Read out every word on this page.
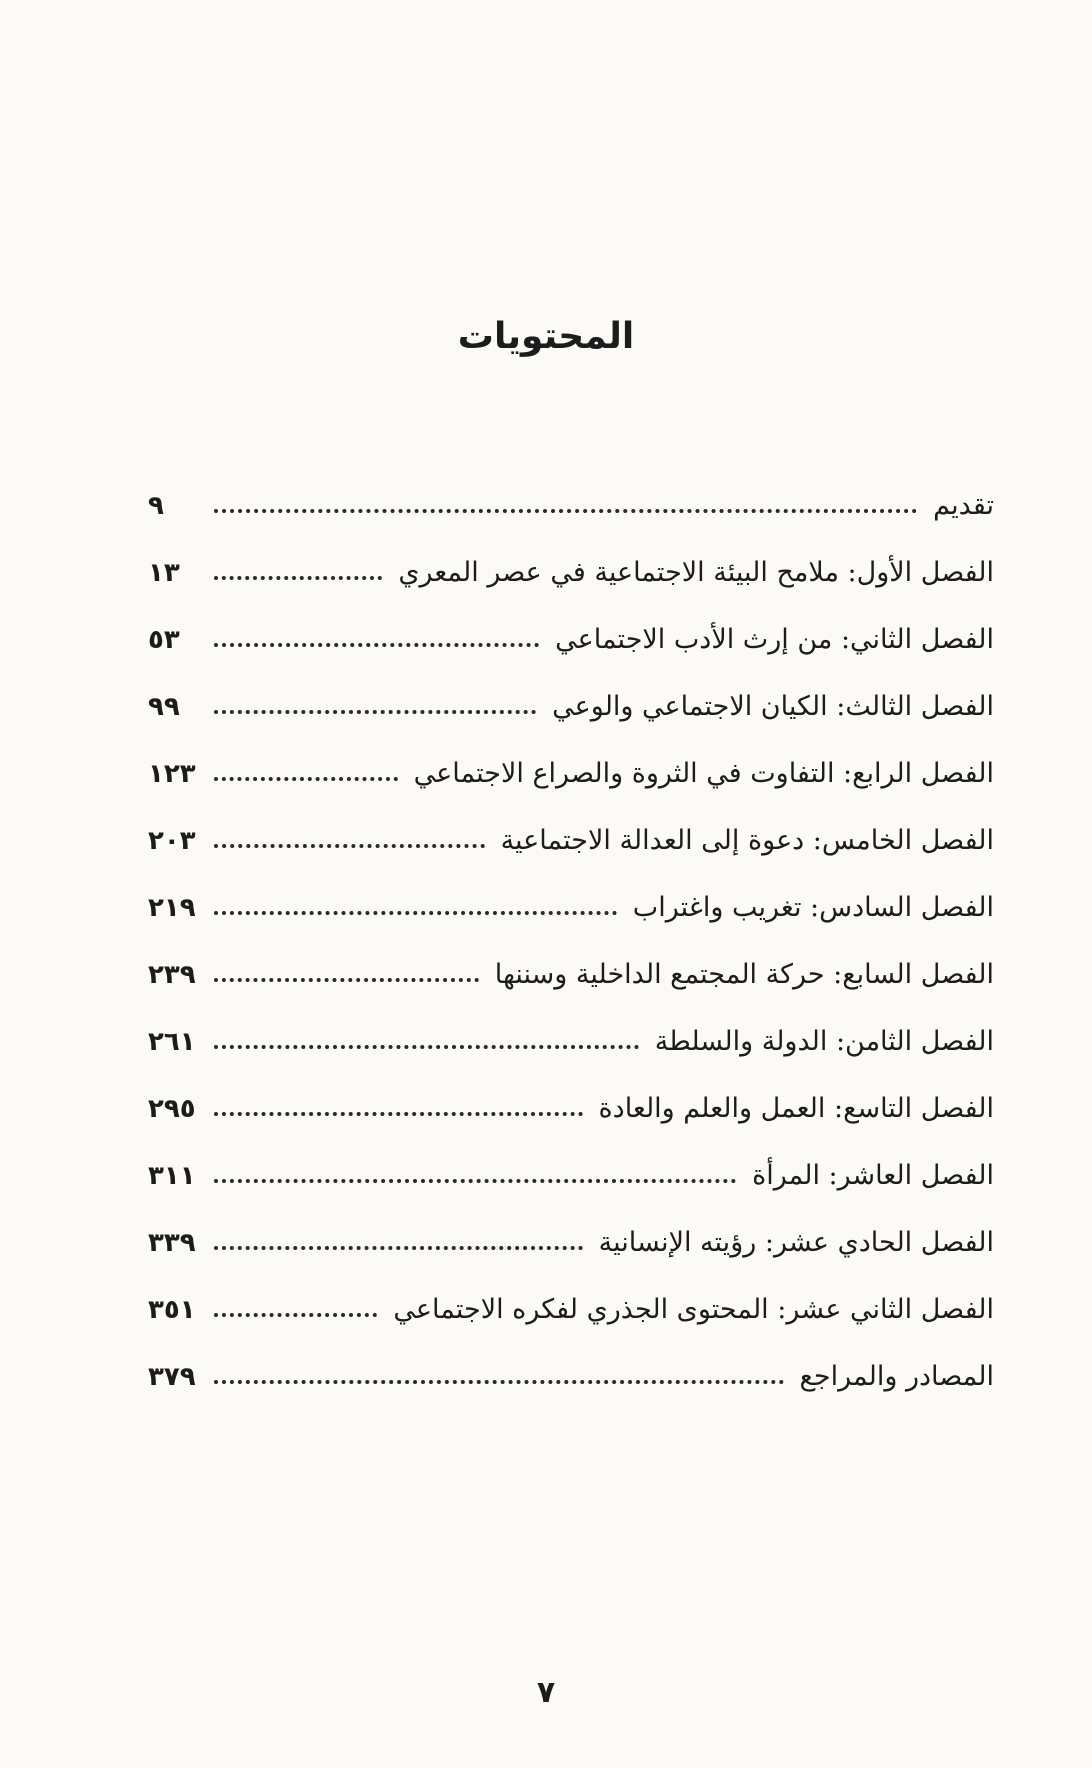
المحتويات
تقديم
٩
الفصل الأول: ملامح البيئة الاجتماعية في عصر المعري
١٣
الفصل الثاني: من إرث الأدب الاجتماعي
٥٣
الفصل الثالث: الكيان الاجتماعي والوعي
٩٩
الفصل الرابع: التفاوت في الثروة والصراع الاجتماعي
١٢٣
الفصل الخامس: دعوة إلى العدالة الاجتماعية
٢٠٣
الفصل السادس: تغريب واغتراب
٢١٩
الفصل السابع: حركة المجتمع الداخلية وسننها
٢٣٩
الفصل الثامن: الدولة والسلطة
٢٦١
الفصل التاسع: العمل والعلم والعادة
٢٩٥
الفصل العاشر: المرأة
٣١١
الفصل الحادي عشر: رؤيته الإنسانية
٣٣٩
الفصل الثاني عشر: المحتوى الجذري لفكره الاجتماعي
٣٥١
المصادر والمراجع
٣٧٩
٧
